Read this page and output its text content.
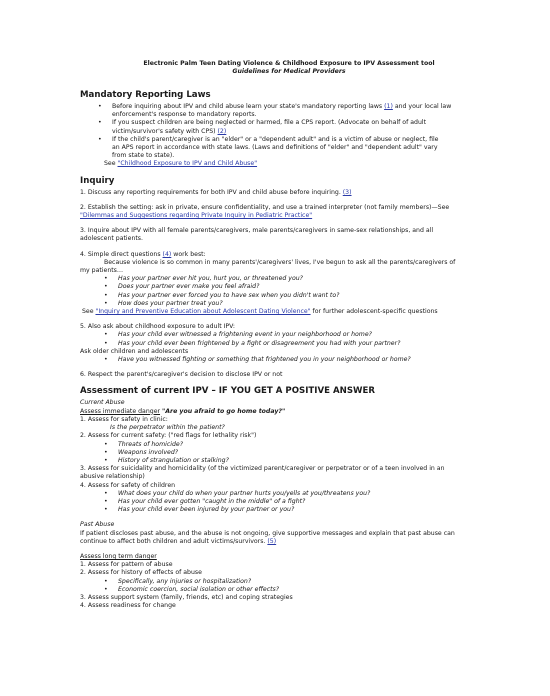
Electronic Palm Teen Dating Violence & Childhood Exposure to IPV Assessment tool
Guidelines for Medical Providers
Mandatory Reporting Laws
• Before inquiring about IPV and child abuse learn your state's mandatory reporting laws (1) and your local law
enforcement's response to mandatory reports.
• If you suspect children are being neglected or harmed, file a CPS report. (Advocate on behalf of adult
victim/survivor's safety with CPS) (2)
• If the child's parent/caregiver is an "elder" or a "dependent adult" and is a victim of abuse or neglect, file
an APS report in accordance with state laws. (Laws and definitions of "elder" and "dependent adult" vary
from state to state).

See "Childhood Exposure to IPV and Child Abuse"

Inquiry

1. Discuss any reporting requirements for both IPV and child abuse before inquiring. (3)

2. Establish the setting: ask in private, ensure confidentiality, and use a trained interpreter (not family members)—See
"Dilemmas and Suggestions regarding Private Inquiry in Pediatric Practice"

3. Inquire about IPV with all female parents/caregivers, male parents/caregivers in same-sex relationships, and all
adolescent patients.

4. Simple direct questions (4) work best:

Because violence is so common in many parents'/caregivers' lives, I've begun to ask all the parents/caregivers of
my patients…

• Has your partner ever hit you, hurt you, or threatened you?
• Does your partner ever make you feel afraid?
• Has your partner ever forced you to have sex when you didn't want to?
• How does your partner treat you?

See "Inquiry and Preventive Education about Adolescent Dating Violence" for further adolescent-specific questions

5. Also ask about childhood exposure to adult IPV:

• Has your child ever witnessed a frightening event in your neighborhood or home?
• Has your child ever been frightened by a fight or disagreement you had with your partner?

Ask older children and adolescents

• Have you witnessed fighting or something that frightened you in your neighborhood or home?

6. Respect the parent's/caregiver's decision to disclose IPV or not

Assessment of current IPV – IF YOU GET A POSITIVE ANSWER

Current Abuse

Assess immediate danger "Are you afraid to go home today?"

1. Assess for safety in clinic:

Is the perpetrator within the patient?

2. Assess for current safety: ("red flags for lethality risk")

• Threats of homicide?
• Weapons involved?
• History of strangulation or stalking?

3. Assess for suicidality and homicidality (of the victimized parent/caregiver or perpetrator or of a teen involved in an
abusive relationship)

4. Assess for safety of children

• What does your child do when your partner hurts you/yells at you/threatens you?
• Has your child ever gotten "caught in the middle" of a fight?
• Has your child ever been injured by your partner or you?

Past Abuse

If patient discloses past abuse, and the abuse is not ongoing, give supportive messages and explain that past abuse can
continue to affect both children and adult victims/survivors. (5)

Assess long term danger

1. Assess for pattern of abuse

2. Assess for history of effects of abuse

• Specifically, any injuries or hospitalization?
• Economic coercion, social isolation or other effects?

3. Assess support system (family, friends, etc) and coping strategies

4. Assess readiness for change
